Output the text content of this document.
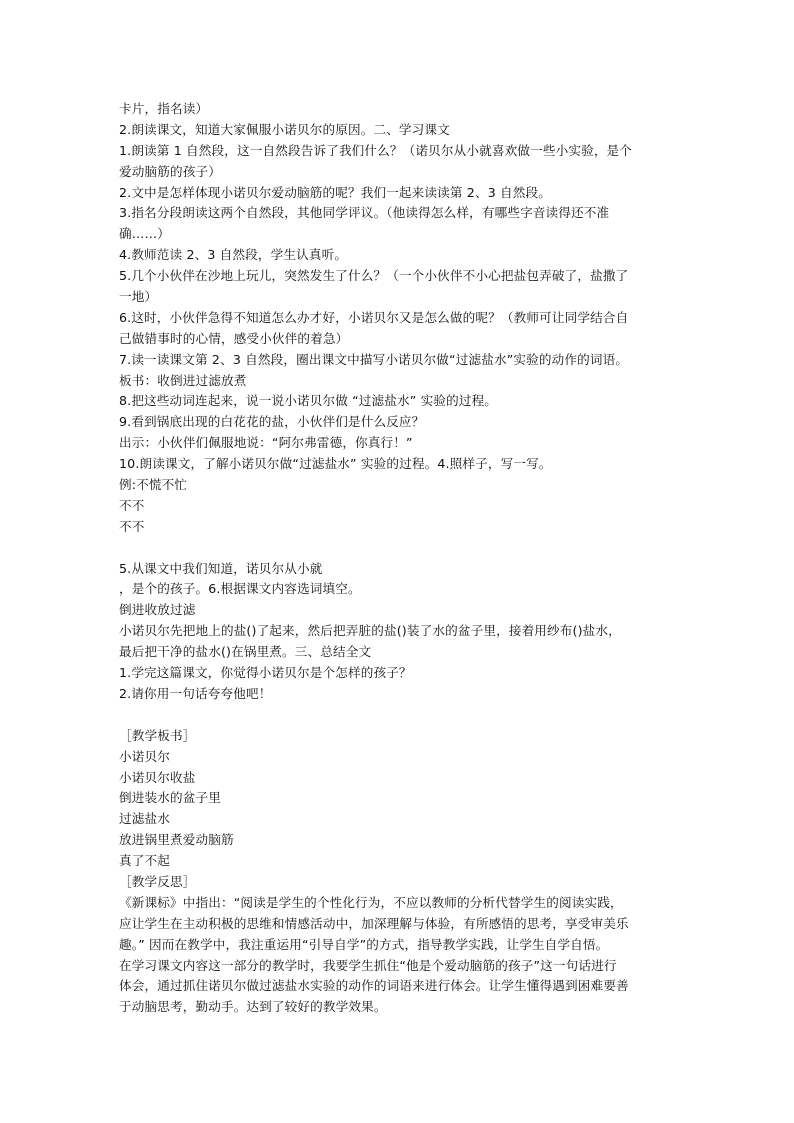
卡片，指名读）
2.朗读课文，知道大家佩服小诺贝尔的原因。二、学习课文
1.朗读第 1 自然段，这一自然段告诉了我们什么？（诺贝尔从小就喜欢做一些小实验，是个
爱动脑筋的孩子）
2.文中是怎样体现小诺贝尔爱动脑筋的呢？我们一起来读读第 2、3 自然段。
3.指名分段朗读这两个自然段，其他同学评议。（他读得怎么样，有哪些字音读得还不准
确……）
4.教师范读 2、3 自然段，学生认真听。
5.几个小伙伴在沙地上玩儿，突然发生了什么？（一个小伙伴不小心把盐包弄破了，盐撒了
一地）
6.这时，小伙伴急得不知道怎么办才好，小诺贝尔又是怎么做的呢？（教师可让同学结合自
己做错事时的心情，感受小伙伴的着急）
7.读一读课文第 2、3 自然段，圈出课文中描写小诺贝尔做“过滤盐水”实验的动作的词语。
板书：收倒进过滤放煮
8.把这些动词连起来，说一说小诺贝尔做 “过滤盐水” 实验的过程。
9.看到锅底出现的白花花的盐，小伙伴们是什么反应？
出示：小伙伴们佩服地说：“阿尔弗雷德，你真行！”
10.朗读课文，了解小诺贝尔做“过滤盐水” 实验的过程。4.照样子，写一写。
例:不慌不忙
不不
不不
5.从课文中我们知道，诺贝尔从小就
，是个的孩子。6.根据课文内容选词填空。
倒进收放过滤
小诺贝尔先把地上的盐()了起来，然后把弄脏的盐()装了水的盆子里，接着用纱布()盐水，
最后把干净的盐水()在锅里煮。三、总结全文
1.学完这篇课文，你觉得小诺贝尔是个怎样的孩子？
2.请你用一句话夸夸他吧！
［教学板书］
小诺贝尔
小诺贝尔收盐
倒进装水的盆子里
过滤盐水
放进锅里煮爱动脑筋
真了不起
［教学反思］
《新课标》中指出：“阅读是学生的个性化行为，不应以教师的分析代替学生的阅读实践，
应让学生在主动积极的思维和情感活动中，加深理解与体验，有所感悟的思考，享受审美乐
趣。” 因而在教学中，我注重运用“引导自学”的方式，指导教学实践，让学生自学自悟。
在学习课文内容这一部分的教学时，我要学生抓住“他是个爱动脑筋的孩子”这一句话进行
体会，通过抓住诺贝尔做过滤盐水实验的动作的词语来进行体会。让学生懂得遇到困难要善
于动脑思考，勤动手。达到了较好的教学效果。
